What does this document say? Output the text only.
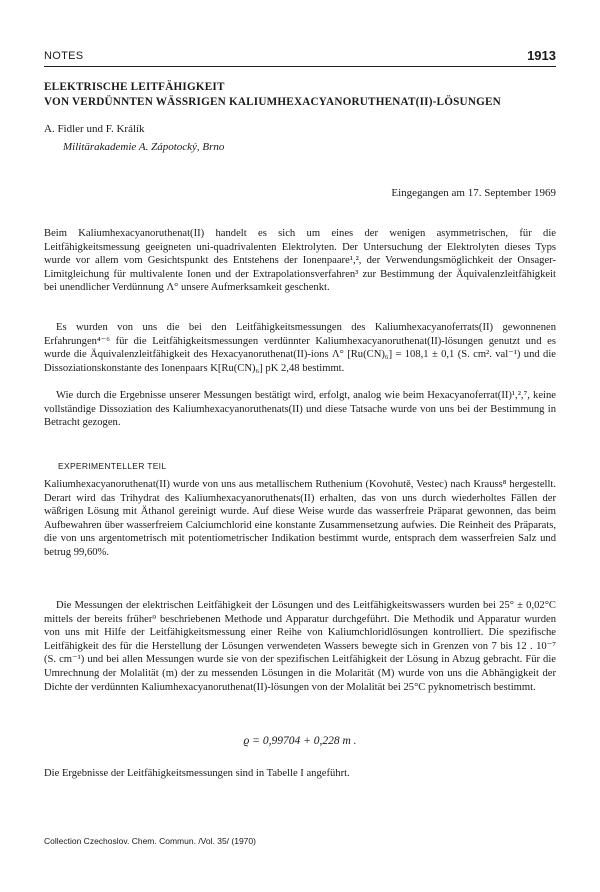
NOTES	1913
ELEKTRISCHE LEITFÄHIGKEIT
VON VERDÜNNTEN WÄSSRIGEN KALIUMHEXACYANORUTHENAT(II)-LÖSUNGEN
A. Fidler und F. Králík
Militärakademie A. Zápotocký, Brno
Eingegangen am 17. September 1969

Beim Kaliumhexacyanoruthenat(II) handelt es sich um eines der wenigen asymmetrischen, für die Leitfähigkeitsmessung geeigneten uni-quadrivalenten Elektrolyten. Der Untersuchung der Elektrolyten dieses Typs wurde vor allem vom Gesichtspunkt des Entstehens der Ionenpaare¹,², der Verwendungsmöglichkeit der Onsager-Limitgleichung für multivalente Ionen und der Extrapolationsverfahren³ zur Bestimmung der Äquivalenzleitfähigkeit bei unendlicher Verdünnung Λ° unsere Aufmerksamkeit geschenkt.

Es wurden von uns die bei den Leitfähigkeitsmessungen des Kaliumhexacyanoferrats(II) gewonnenen Erfahrungen⁴⁻⁶ für die Leitfähigkeitsmessungen verdünnter Kaliumhexacyanoruthenat(II)-lösungen genutzt und es wurde die Äquivalenzleitfähigkeit des Hexacyanoruthenat(II)-ions Λ° [Ru(CN)₆] = 108,1 ± 0,1 (S. cm². val⁻¹) und die Dissoziationskonstante des Ionenpaars K[Ru(CN)₆] pK 2,48 bestimmt.

Wie durch die Ergebnisse unserer Messungen bestätigt wird, erfolgt, analog wie beim Hexacyanoferrat(II)¹,²,⁷, keine vollständige Dissoziation des Kaliumhexacyanoruthenats(II) und diese Tatsache wurde von uns bei der Bestimmung in Betracht gezogen.

EXPERIMENTELLER TEIL

Kaliumhexacyanoruthenat(II) wurde von uns aus metallischem Ruthenium (Kovohutě, Vestec) nach Krauss⁸ hergestellt. Derart wird das Trihydrat des Kaliumhexacyanoruthenats(II) erhalten, das von uns durch wiederholtes Fällen der wäßrigen Lösung mit Äthanol gereinigt wurde. Auf diese Weise wurde das wasserfreie Präparat gewonnen, das beim Aufbewahren über wasserfreiem Calciumchlorid eine konstante Zusammensetzung aufwies. Die Reinheit des Präparats, die von uns argentometrisch mit potentiometrischer Indikation bestimmt wurde, entsprach dem wasserfreien Salz und betrug 99,60%.

Die Messungen der elektrischen Leitfähigkeit der Lösungen und des Leitfähigkeitswassers wurden bei 25° ± 0,02°C mittels der bereits früher⁹ beschriebenen Methode und Apparatur durchgeführt. Die Methodik und Apparatur wurden von uns mit Hilfe der Leitfähigkeitsmessung einer Reihe von Kaliumchloridlösungen kontrolliert. Die spezifische Leitfähigkeit des für die Herstellung der Lösungen verwendeten Wassers bewegte sich in Grenzen von 7 bis 12 . 10⁻⁷ (S. cm⁻¹) und bei allen Messungen wurde sie von der spezifischen Leitfähigkeit der Lösung in Abzug gebracht. Für die Umrechnung der Molalität (m) der zu messenden Lösungen in die Molarität (M) wurde von uns die Abhängigkeit der Dichte der verdünnten Kaliumhexacyanoruthenat(II)-lösungen von der Molalität bei 25°C pyknometrisch bestimmt.

ϱ = 0,99704 + 0,228 m .

Die Ergebnisse der Leitfähigkeitsmessungen sind in Tabelle I angeführt.

Collection Czechoslov. Chem. Commun. /Vol. 35/ (1970)
